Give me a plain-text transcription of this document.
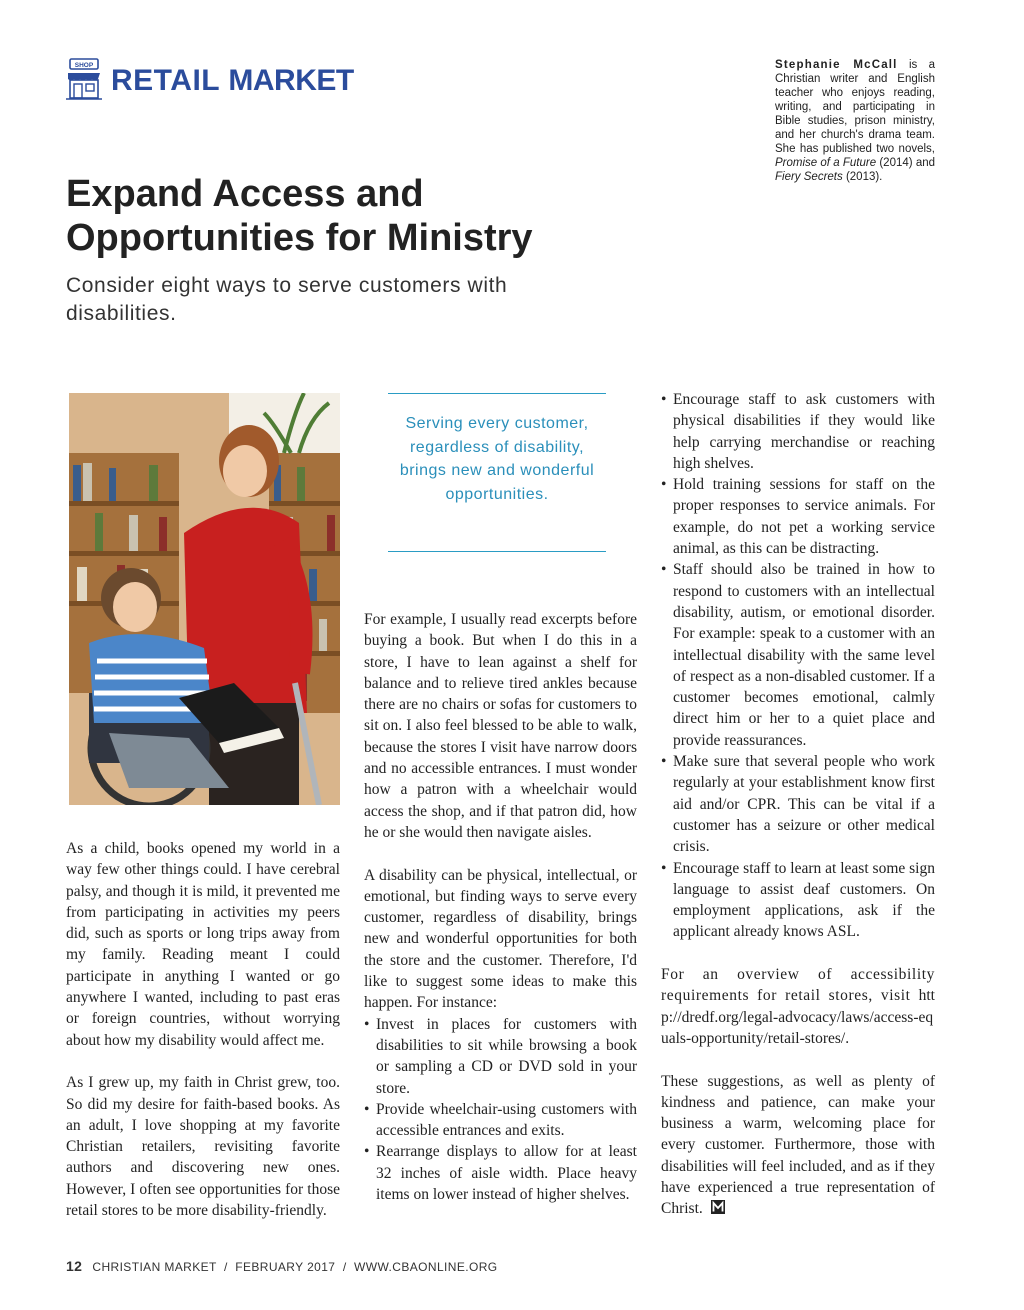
SHOP RETAIL MARKET	Stephanie McCall is a Christian writer and English teacher who enjoys reading, writing, and participating in Bible studies, prison ministry, and her church's drama team. She has published two novels, Promise of a Future (2014) and Fiery Secrets (2013).
Expand Access and
Opportunities for Ministry
Consider eight ways to serve customers with disabilities.
Serving every customer, regardless of disability, brings new and wonderful opportunities.

As a child, books opened my world in a way few other things could. I have cerebral palsy, and though it is mild, it prevented me from participating in activities my peers did, such as sports or long trips away from my family. Reading meant I could participate in anything I wanted or go anywhere I wanted, including to past eras or foreign countries, without worrying about how my disability would affect me.

As I grew up, my faith in Christ grew, too. So did my desire for faith-based books. As an adult, I love shopping at my favorite Christian retailers, revisiting favorite authors and discovering new ones. However, I often see opportunities for those retail stores to be more disability-friendly.

For example, I usually read excerpts before buying a book. But when I do this in a store, I have to lean against a shelf for balance and to relieve tired ankles because there are no chairs or sofas for customers to sit on. I also feel blessed to be able to walk, because the stores I visit have narrow doors and no accessible entrances. I must wonder how a patron with a wheelchair would access the shop, and if that patron did, how he or she would then navigate aisles.

A disability can be physical, intellectual, or emotional, but finding ways to serve every customer, regardless of disability, brings new and wonderful opportunities for both the store and the customer. Therefore, I'd like to suggest some ideas to make this happen. For instance:

• Invest in places for customers with disabilities to sit while browsing a book or sampling a CD or DVD sold in your store.
• Provide wheelchair-using customers with accessible entrances and exits.
• Rearrange displays to allow for at least 32 inches of aisle width. Place heavy items on lower instead of higher shelves.
• Encourage staff to ask customers with physical disabilities if they would like help carrying merchandise or reaching high shelves.
• Hold training sessions for staff on the proper responses to service animals. For example, do not pet a working service animal, as this can be distracting.
• Staff should also be trained in how to respond to customers with an intellectual disability, autism, or emotional disorder. For example: speak to a customer with an intellectual disability with the same level of respect as a non-disabled customer. If a customer becomes emotional, calmly direct him or her to a quiet place and provide reassurances.
• Make sure that several people who work regularly at your establishment know first aid and/or CPR. This can be vital if a customer has a seizure or other medical crisis.
• Encourage staff to learn at least some sign language to assist deaf customers. On employment applications, ask if the applicant already knows ASL.

For an overview of accessibility requirements for retail stores, visit http://dredf.org/legal-advocacy/laws/access-equals-opportunity/retail-stores/.

These suggestions, as well as plenty of kindness and patience, can make your business a warm, welcoming place for every customer. Furthermore, those with disabilities will feel included, and as if they have experienced a true representation of Christ.

12 CHRISTIAN MARKET  /  FEBRUARY 2017  /  WWW.CBAONLINE.ORG
